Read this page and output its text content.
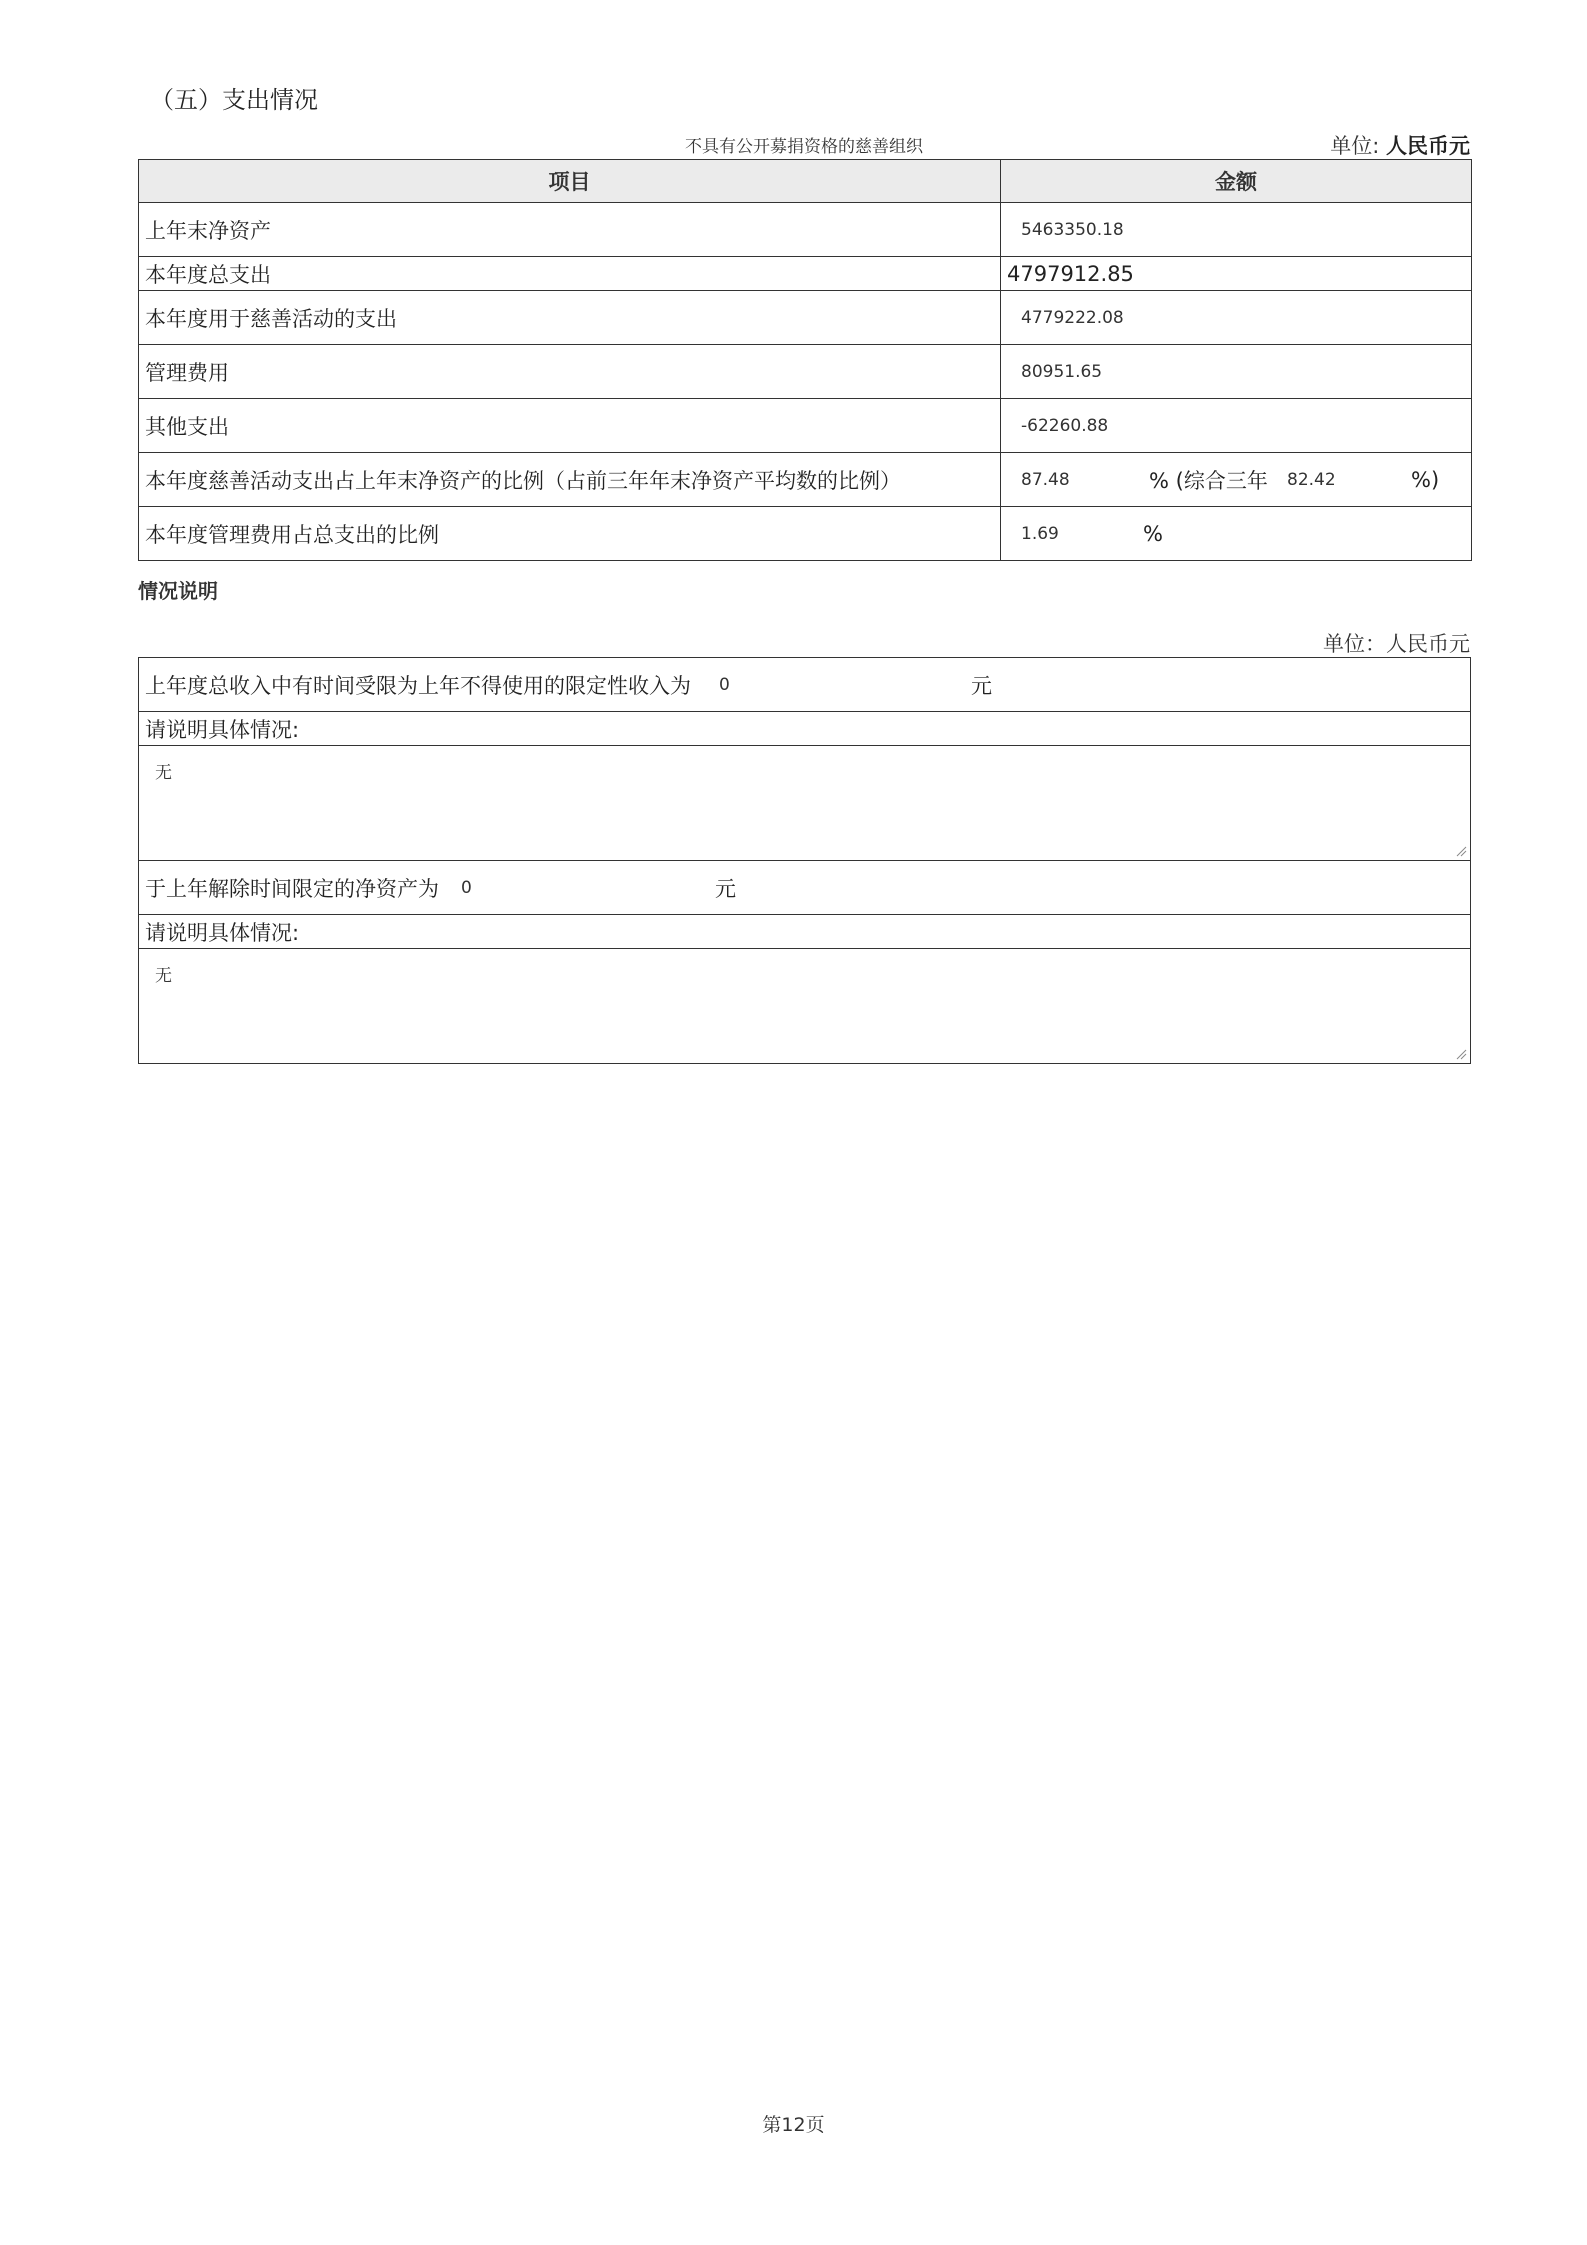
（五）支出情况
不具有公开募捐资格的慈善组织	单位: 人民币元
项目	金额
上年末净资产	5463350.18
本年度总支出	4797912.85
本年度用于慈善活动的支出	4779222.08
管理费用	80951.65
其他支出	-62260.88
本年度慈善活动支出占上年末净资产的比例（占前三年年末净资产平均数的比例）	87.48 % (综合三年 82.42 %)

本年度管理费用占总支出的比例	1.69 %
情况说明
单位：人民币元
上年度总收入中有时间受限为上年不得使用的限定性收入为 0	元

请说明具体情况:

无

于上年解除时间限定的净资产为 0	元

请说明具体情况:

无
第12页
